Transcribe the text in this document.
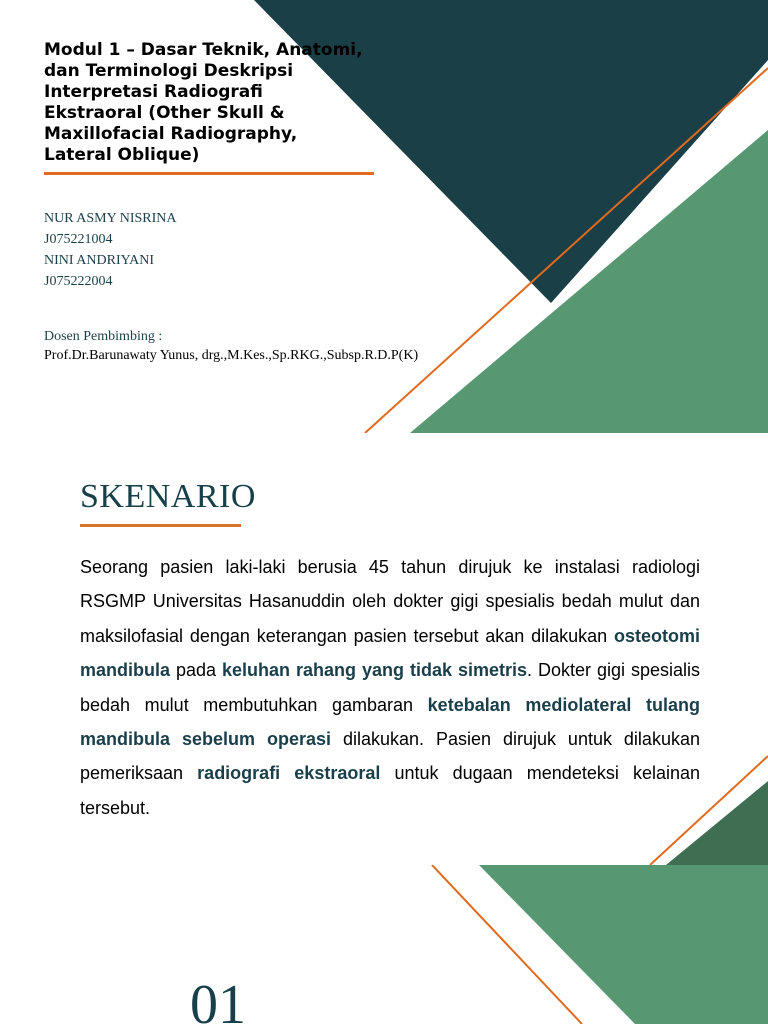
Modul 1 – Dasar Teknik, Anatomi, dan Terminologi Deskripsi Interpretasi Radiografi Ekstraoral (Other Skull & Maxillofacial Radiography, Lateral Oblique)
NUR ASMY NISRINA
J075221004
NINI ANDRIYANI
J075222004
Dosen Pembimbing :
Prof.Dr.Barunawaty Yunus, drg.,M.Kes.,Sp.RKG.,Subsp.R.D.P(K)
SKENARIO

Seorang pasien laki-laki berusia 45 tahun dirujuk ke instalasi radiologi RSGMP Universitas Hasanuddin oleh dokter gigi spesialis bedah mulut dan maksilofasial dengan keterangan pasien tersebut akan dilakukan osteotomi mandibula pada keluhan rahang yang tidak simetris. Dokter gigi spesialis bedah mulut membutuhkan gambaran ketebalan mediolateral tulang mandibula sebelum operasi dilakukan. Pasien dirujuk untuk dilakukan pemeriksaan radiografi ekstraoral untuk dugaan mendeteksi kelainan tersebut.

01
